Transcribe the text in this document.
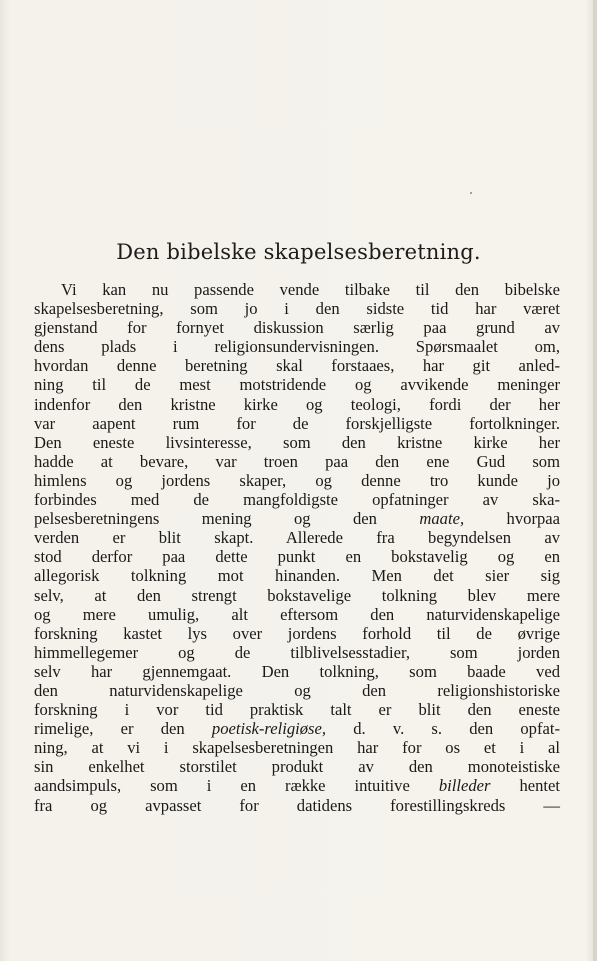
Den bibelske skapelsesberetning.
Vi kan nu passende vende tilbake til den bibelske
skapelsesberetning, som jo i den sidste tid har været
gjenstand for fornyet diskussion særlig paa grund av
dens plads i religionsundervisningen. Spørsmaalet om,
hvordan denne beretning skal forstaaes, har git anled-
ning til de mest motstridende og avvikende meninger
indenfor den kristne kirke og teologi, fordi der her
var aapent rum for de forskjelligste fortolkninger.
Den eneste livsinteresse, som den kristne kirke her
hadde at bevare, var troen paa den ene Gud som
himlens og jordens skaper, og denne tro kunde jo
forbindes med de mangfoldigste opfatninger av ska-
pelsesberetningens mening og den	maate,	hvorpaa
verden er blit skapt. Allerede fra begyndelsen av
stod derfor paa dette punkt en bokstavelig og en
allegorisk tolkning mot hinanden. Men det sier sig
selv, at den strengt bokstavelige tolkning blev mere
og mere umulig, alt eftersom den naturvidenskapelige
forskning kastet lys over jordens forhold til de øvrige
himmellegemer og de tilblivelsesstadier, som jorden
selv har gjennemgaat. Den tolkning, som baade ved
den naturvidenskapelige og den religionshistoriske
forskning i vor tid praktisk talt er blit den eneste
rimelige, er den poetisk-religiøse, d. v. s. den opfat-
ning, at vi i skapelsesberetningen har for os et i al
sin enkelhet storstilet produkt av den monoteistiske
aandsimpuls, som i en række intuitive billeder hentet
fra og avpasset for datidens forestillingskreds —
